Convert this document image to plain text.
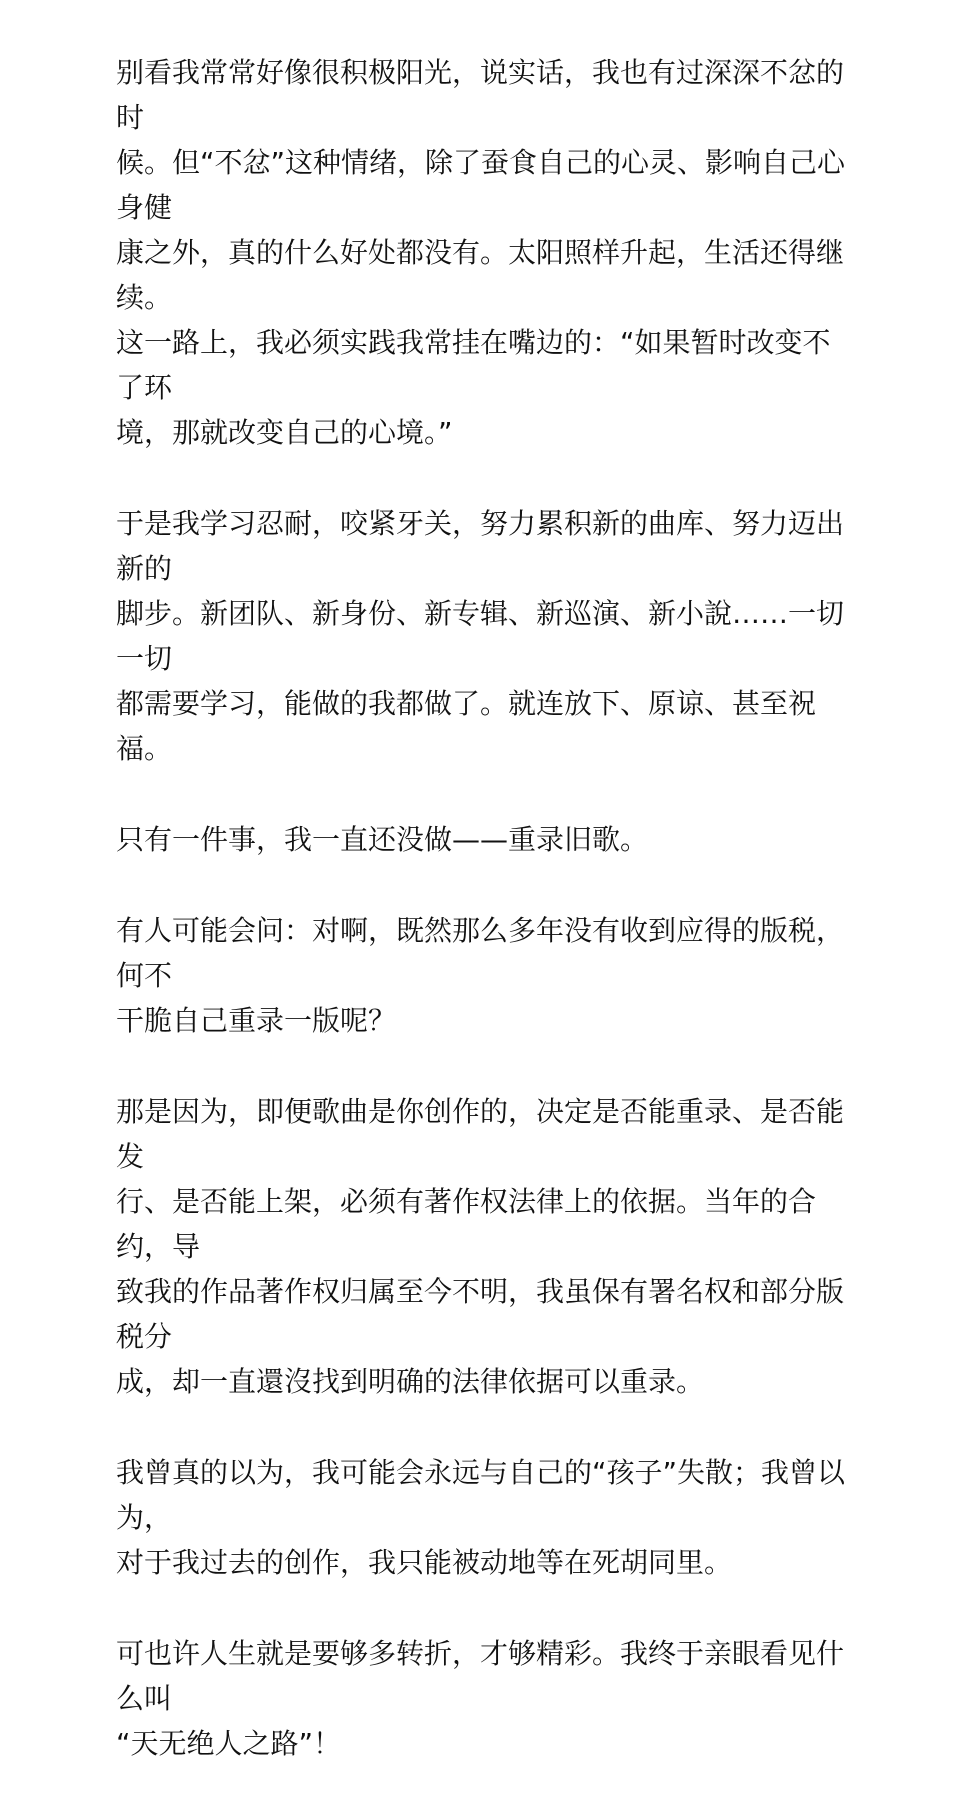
别看我常常好像很积极阳光，说实话，我也有过深深不忿的时
候。但“不忿”这种情绪，除了蚕食自己的心灵、影响自己心身健
康之外，真的什么好处都没有。太阳照样升起，生活还得继续。
这一路上，我必须实践我常挂在嘴边的：“如果暂时改变不了环
境，那就改变自己的心境。”

于是我学习忍耐，咬紧牙关，努力累积新的曲库、努力迈出新的
脚步。新团队、新身份、新专辑、新巡演、新小說……一切一切
都需要学习，能做的我都做了。就连放下、原谅、甚至祝福。

只有一件事，我一直还没做——重录旧歌。

有人可能会问：对啊，既然那么多年没有收到应得的版税，何不
干脆自己重录一版呢？

那是因为，即便歌曲是你创作的，决定是否能重录、是否能发
行、是否能上架，必须有著作权法律上的依据。当年的合约，导
致我的作品著作权归属至今不明，我虽保有署名权和部分版税分
成，却一直還沒找到明确的法律依据可以重录。

我曾真的以为，我可能会永远与自己的“孩子”失散；我曾以为，
对于我过去的创作，我只能被动地等在死胡同里。

可也许人生就是要够多转折，才够精彩。我终于亲眼看见什么叫
“天无绝人之路”！
